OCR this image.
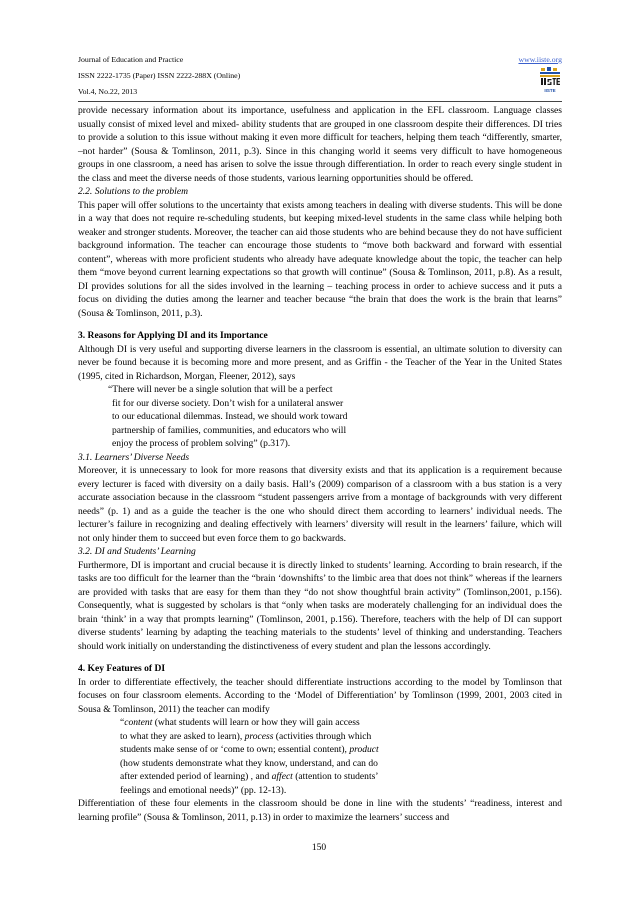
Journal of Education and Practice
ISSN 2222-1735 (Paper) ISSN 2222-288X (Online)
Vol.4, No.22, 2013
www.iiste.org
IISTE

provide necessary information about its importance, usefulness and application in the EFL classroom. Language classes usually consist of mixed level and mixed- ability students that are grouped in one classroom despite their differences. DI tries to provide a solution to this issue without making it even more difficult for teachers, helping them teach “differently, smarter, –not harder” (Sousa & Tomlinson, 2011, p.3). Since in this changing world it seems very difficult to have homogeneous groups in one classroom, a need has arisen to solve the issue through differentiation. In order to reach every single student in the class and meet the diverse needs of those students, various learning opportunities should be offered.

2.2. Solutions to the problem

This paper will offer solutions to the uncertainty that exists among teachers in dealing with diverse students. This will be done in a way that does not require re-scheduling students, but keeping mixed-level students in the same class while helping both weaker and stronger students. Moreover, the teacher can aid those students who are behind because they do not have sufficient background information. The teacher can encourage those students to “move both backward and forward with essential content”, whereas with more proficient students who already have adequate knowledge about the topic, the teacher can help them “move beyond current learning expectations so that growth will continue” (Sousa & Tomlinson, 2011, p.8). As a result, DI provides solutions for all the sides involved in the learning – teaching process in order to achieve success and it puts a focus on dividing the duties among the learner and teacher because “the brain that does the work is the brain that learns” (Sousa & Tomlinson, 2011, p.3).

3. Reasons for Applying DI and its Importance

Although DI is very useful and supporting diverse learners in the classroom is essential, an ultimate solution to diversity can never be found because it is becoming more and more present, and as Griffin - the Teacher of the Year in the United States (1995, cited in Richardson, Morgan, Fleener, 2012), says

“There will never be a single solution that will be a perfect
fit for our diverse society. Don’t wish for a unilateral answer
to our educational dilemmas. Instead, we should work toward
partnership of families, communities, and educators who will
enjoy the process of problem solving” (p.317).

3.1. Learners’ Diverse Needs

Moreover, it is unnecessary to look for more reasons that diversity exists and that its application is a requirement because every lecturer is faced with diversity on a daily basis. Hall’s (2009) comparison of a classroom with a bus station is a very accurate association because in the classroom “student passengers arrive from a montage of backgrounds with very different needs” (p. 1) and as a guide the teacher is the one who should direct them according to learners’ individual needs. The lecturer’s failure in recognizing and dealing effectively with learners’ diversity will result in the learners’ failure, which will not only hinder them to succeed but even force them to go backwards.

3.2. DI and Students’ Learning

Furthermore, DI is important and crucial because it is directly linked to students’ learning. According to brain research, if the tasks are too difficult for the learner than the “brain ‘downshifts’ to the limbic area that does not think” whereas if the learners are provided with tasks that are easy for them than they “do not show thoughtful brain activity” (Tomlinson,2001, p.156). Consequently, what is suggested by scholars is that “only when tasks are moderately challenging for an individual does the brain ‘think’ in a way that prompts learning” (Tomlinson, 2001, p.156). Therefore, teachers with the help of DI can support diverse students’ learning by adapting the teaching materials to the students’ level of thinking and understanding. Teachers should work initially on understanding the distinctiveness of every student and plan the lessons accordingly.

4. Key Features of DI

In order to differentiate effectively, the teacher should differentiate instructions according to the model by Tomlinson that focuses on four classroom elements. According to the ‘Model of Differentiation’ by Tomlinson (1999, 2001, 2003 cited in Sousa & Tomlinson, 2011) the teacher can modify

“content (what students will learn or how they will gain access
to what they are asked to learn), process (activities through which
students make sense of or ‘come to own; essential content), product
(how students demonstrate what they know, understand, and can do
after extended period of learning) , and affect (attention to students’
feelings and emotional needs)” (pp. 12-13).

Differentiation of these four elements in the classroom should be done in line with the students’ “readiness, interest and learning profile” (Sousa & Tomlinson, 2011, p.13) in order to maximize the learners’ success and

150
